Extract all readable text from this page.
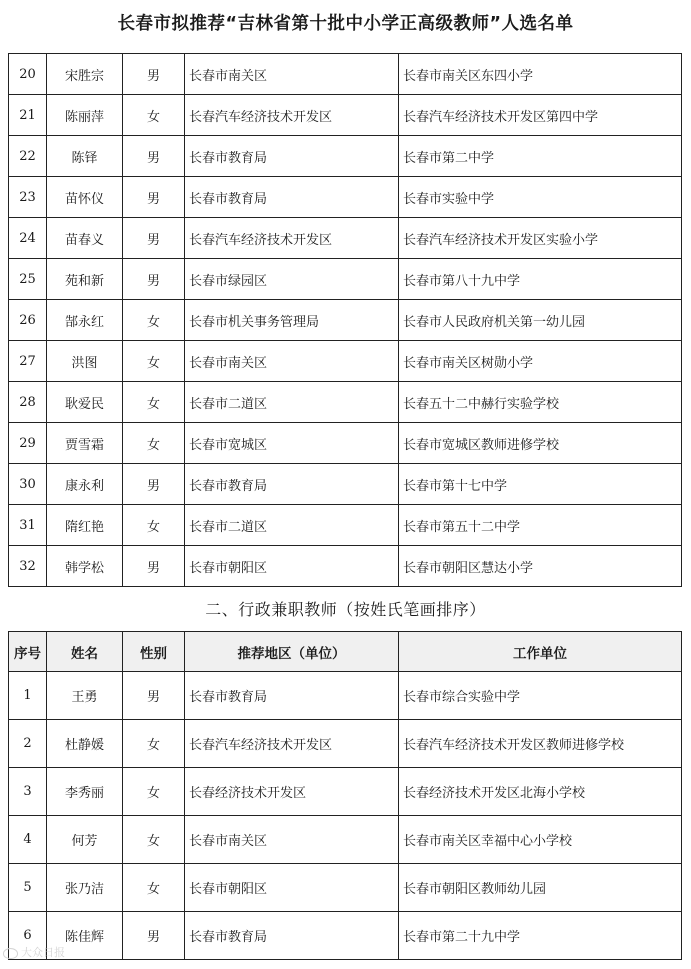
长春市拟推荐“吉林省第十批中小学正高级教师”人选名单
20	宋胜宗	男	长春市南关区	长春市南关区东四小学
21	陈丽萍	女	长春汽车经济技术开发区	长春汽车经济技术开发区第四中学
22	陈铎	男	长春市教育局	长春市第二中学
23	苗怀仪	男	长春市教育局	长春市实验中学
24	苗春义	男	长春汽车经济技术开发区	长春汽车经济技术开发区实验小学
25	苑和新	男	长春市绿园区	长春市第八十九中学
26	郜永红	女	长春市机关事务管理局	长春市人民政府机关第一幼儿园
27	洪图	女	长春市南关区	长春市南关区树勋小学
28	耿爱民	女	长春市二道区	长春五十二中赫行实验学校
29	贾雪霜	女	长春市宽城区	长春市宽城区教师进修学校
30	康永利	男	长春市教育局	长春市第十七中学
31	隋红艳	女	长春市二道区	长春市第五十二中学
32	韩学松	男	长春市朝阳区	长春市朝阳区慧达小学
二、行政兼职教师（按姓氏笔画排序）
序号	姓名	性别	推荐地区（单位）	工作单位
1	王勇	男	长春市教育局	长春市综合实验中学
2	杜静媛	女	长春汽车经济技术开发区	长春汽车经济技术开发区教师进修学校
3	李秀丽	女	长春经济技术开发区	长春经济技术开发区北海小学校
4	何芳	女	长春市南关区	长春市南关区幸福中心小学校
5	张乃洁	女	长春市朝阳区	长春市朝阳区教师幼儿园
6	陈佳辉	男	长春市教育局	长春市第二十九中学
大众日报
